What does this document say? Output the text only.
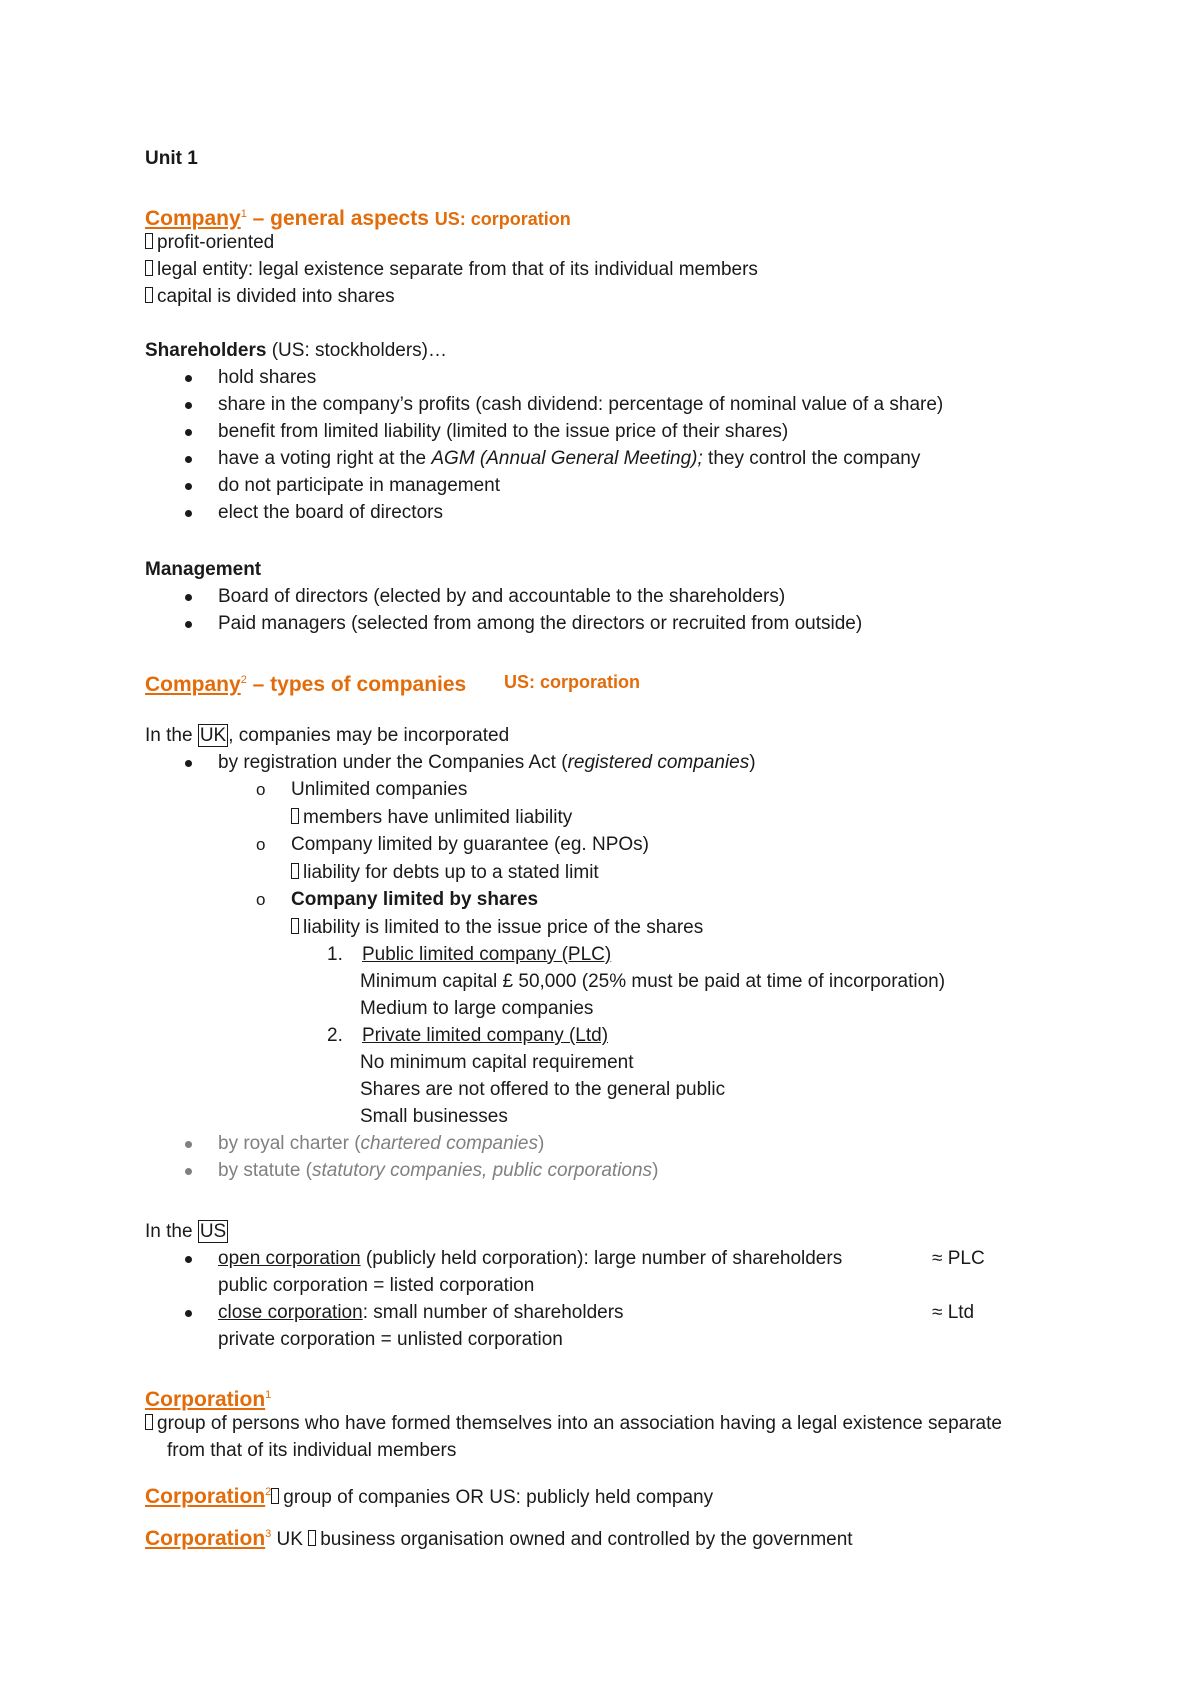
Unit 1
Company$^1$ – general aspects US: corporation
profit-oriented
legal entity: legal existence separate from that of its individual members
capital is divided into shares
Shareholders (US: stockholders)…
hold shares
share in the company’s profits (cash dividend: percentage of nominal value of a share)
benefit from limited liability (limited to the issue price of their shares)
have a voting right at the AGM (Annual General Meeting); they control the company
do not participate in management
elect the board of directors
Management
Board of directors (elected by and accountable to the shareholders)
Paid managers (selected from among the directors or recruited from outside)
Company$^2$ – types of companies US: corporation
In the UK , companies may be incorporated
by registration under the Companies Act (registered companies)
o Unlimited companies
members have unlimited liability
o Company limited by guarantee (eg. NPOs)
liability for debts up to a stated limit
o Company limited by shares
liability is limited to the issue price of the shares
1. Public limited company (PLC)
Minimum capital £ 50,000 (25% must be paid at time of incorporation)
Medium to large companies
2. Private limited company (Ltd)
No minimum capital requirement
Shares are not offered to the general public
Small businesses
by royal charter (chartered companies)
by statute (statutory companies, public corporations)
In the US
open corporation (publicly held corporation): large number of shareholders	≈ PLC
public corporation = listed corporation
close corporation: small number of shareholders	≈ Ltd
private corporation = unlisted corporation
Corporation$^1$
group of persons who have formed themselves into an association having a legal existence separate
from that of its individual members
Corporation$^2$ group of companies OR US: publicly held company
Corporation$^3$ UK business organisation owned and controlled by the government
